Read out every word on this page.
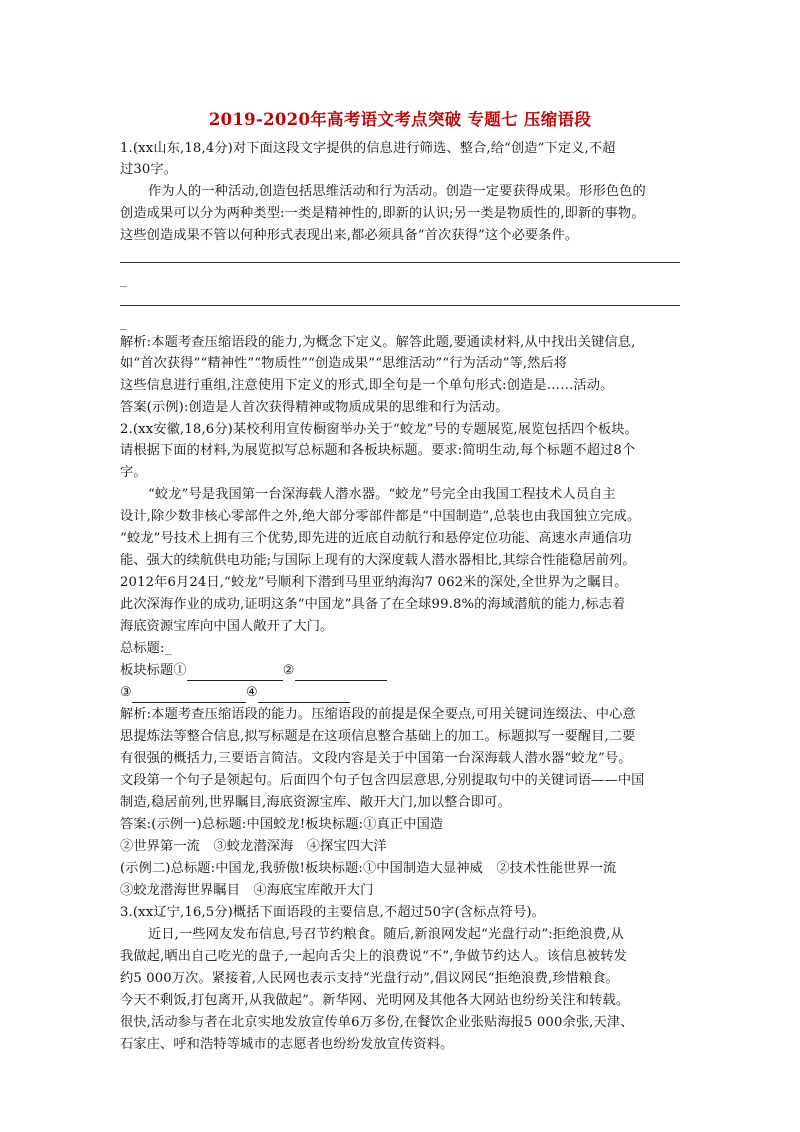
2019-2020年高考语文考点突破 专题七 压缩语段
1.(xx山东,18,4分)对下面这段文字提供的信息进行筛选、整合,给“创造”下定义,不超
过30字。
作为人的一种活动,创造包括思维活动和行为活动。创造一定要获得成果。形形色色的
创造成果可以分为两种类型:一类是精神性的,即新的认识;另一类是物质性的,即新的事物。
这些创造成果不管以何种形式表现出来,都必须具备“首次获得”这个必要条件。
_
_
解析:本题考查压缩语段的能力,为概念下定义。解答此题,要通读材料,从中找出关键信息,
如“首次获得”“精神性”“物质性”“创造成果”“思维活动”“行为活动”等,然后将
这些信息进行重组,注意使用下定义的形式,即全句是一个单句形式:创造是……活动。
答案(示例):创造是人首次获得精神或物质成果的思维和行为活动。
2.(xx安徽,18,6分)某校利用宣传橱窗举办关于“蛟龙”号的专题展览,展览包括四个板块。
请根据下面的材料,为展览拟写总标题和各板块标题。要求:简明生动,每个标题不超过8个
字。
“蛟龙”号是我国第一台深海载人潜水器。“蛟龙”号完全由我国工程技术人员自主
设计,除少数非核心零部件之外,绝大部分零部件都是“中国制造”,总装也由我国独立完成。
“蛟龙”号技术上拥有三个优势,即先进的近底自动航行和悬停定位功能、高速水声通信功
能、强大的续航供电功能;与国际上现有的大深度载人潜水器相比,其综合性能稳居前列。
2012年6月24日,“蛟龙”号顺利下潜到马里亚纳海沟7 062米的深处,全世界为之瞩目。
此次深海作业的成功,证明这条“中国龙”具备了在全球99.8%的海域潜航的能力,标志着
海底资源宝库向中国人敞开了大门。
总标题:_
板块标题①	②
③	④
解析:本题考查压缩语段的能力。压缩语段的前提是保全要点,可用关键词连缀法、中心意
思提炼法等整合信息,拟写标题是在这项信息整合基础上的加工。标题拟写一要醒目,二要
有很强的概括力,三要语言简洁。文段内容是关于中国第一台深海载人潜水器“蛟龙”号。
文段第一个句子是领起句。后面四个句子包含四层意思,分别提取句中的关键词语——中国
制造,稳居前列,世界瞩目,海底资源宝库、敞开大门,加以整合即可。
答案:(示例一)总标题:中国蛟龙!板块标题:①真正中国造
②世界第一流　③蛟龙潜深海　④探宝四大洋
(示例二)总标题:中国龙,我骄傲!板块标题:①中国制造大显神威　②技术性能世界一流
③蛟龙潜海世界瞩目　④海底宝库敞开大门
3.(xx辽宁,16,5分)概括下面语段的主要信息,不超过50字(含标点符号)。
近日,一些网友发布信息,号召节约粮食。随后,新浪网发起“光盘行动”:拒绝浪费,从
我做起,晒出自己吃光的盘子,一起向舌尖上的浪费说“不”,争做节约达人。该信息被转发
约5 000万次。紧接着,人民网也表示支持“光盘行动”,倡议网民“拒绝浪费,珍惜粮食。
今天不剩饭,打包离开,从我做起”。新华网、光明网及其他各大网站也纷纷关注和转载。
很快,活动参与者在北京实地发放宣传单6万多份,在餐饮企业张贴海报5 000余张,天津、
石家庄、呼和浩特等城市的志愿者也纷纷发放宣传资料。
